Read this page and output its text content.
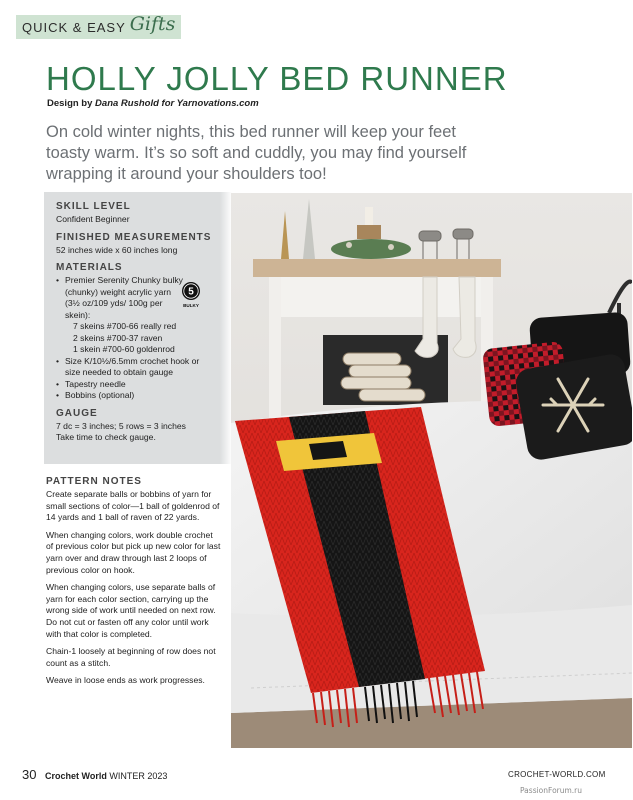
QUICK & EASY Gifts
HOLLY JOLLY BED RUNNER
Design by Dana Rushold for Yarnovations.com

On cold winter nights, this bed runner will keep your feet toasty warm. It’s so soft and cuddly, you may find yourself wrapping it around your shoulders too!

SKILL LEVEL
Confident Beginner
FINISHED MEASUREMENTS
52 inches wide x 60 inches long
MATERIALS
• Premier Serenity Chunky bulky (chunky) weight acrylic yarn (3½ oz/109 yds/ 100g per skein):
7 skeins #700-66 really red
2 skeins #700-37 raven
1 skein #700-60 goldenrod
• Size K/10½/6.5mm crochet hook or size needed to obtain gauge
• Tapestry needle
• Bobbins (optional)
GAUGE
7 dc = 3 inches; 5 rows = 3 inches
Take time to check gauge.
5
BULKY
PATTERN NOTES

Create separate balls or bobbins of yarn for small sections of color—1 ball of goldenrod of 14 yards and 1 ball of raven of 22 yards.

When changing colors, work double crochet of previous color but pick up new color for last yarn over and draw through last 2 loops of previous color on hook.

When changing colors, use separate balls of yarn for each color section, carrying up the wrong side of work until needed on next row. Do not cut or fasten off any color until work with that color is completed.

Chain-1 loosely at beginning of row does not count as a stitch.

Weave in loose ends as work progresses.

30 Crochet World WINTER 2023	CROCHET-WORLD.COM
PassionForum.ru
